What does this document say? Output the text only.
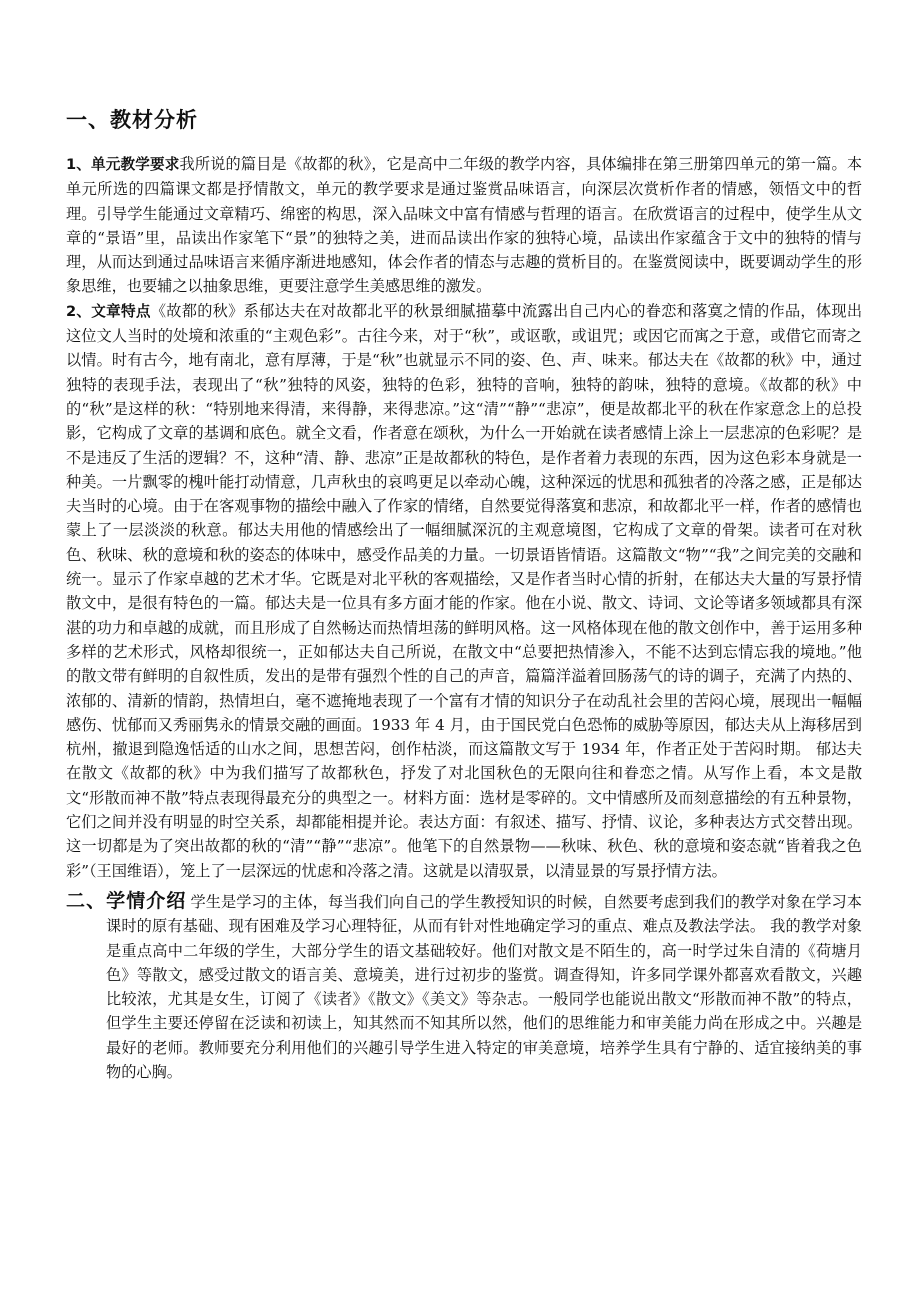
一、教材分析

1、单元教学要求我所说的篇目是《故都的秋》，它是高中二年级的教学内容，具体编排在第三册第四单元的第一篇。本单元所选的四篇课文都是抒情散文，单元的教学要求是通过鉴赏品味语言，向深层次赏析作者的情感，领悟文中的哲理。引导学生能通过文章精巧、绵密的构思，深入品味文中富有情感与哲理的语言。在欣赏语言的过程中，使学生从文章的“景语”里，品读出作家笔下“景”的独特之美，进而品读出作家的独特心境，品读出作家蕴含于文中的独特的情与理，从而达到通过品味语言来循序渐进地感知，体会作者的情态与志趣的赏析目的。在鉴赏阅读中，既要调动学生的形象思维，也要辅之以抽象思维，更要注意学生美感思维的激发。

2、文章特点《故都的秋》系郁达夫在对故都北平的秋景细腻描摹中流露出自己内心的眷恋和落寞之情的作品，体现出这位文人当时的处境和浓重的“主观色彩”。古往今来，对于“秋”，或讴歌，或诅咒；或因它而寓之于意，或借它而寄之以情。时有古今，地有南北，意有厚薄，于是“秋”也就显示不同的姿、色、声、味来。郁达夫在《故都的秋》中，通过独特的表现手法，表现出了“秋”独特的风姿，独特的色彩，独特的音响，独特的韵味，独特的意境。《故都的秋》中的“秋”是这样的秋：“特别地来得清，来得静，来得悲凉。”这“清”“静”“悲凉”，便是故都北平的秋在作家意念上的总投影，它构成了文章的基调和底色。就全文看，作者意在颂秋，为什么一开始就在读者感情上涂上一层悲凉的色彩呢？是不是违反了生活的逻辑？不，这种“清、静、悲凉”正是故都秋的特色，是作者着力表现的东西，因为这色彩本身就是一种美。一片飘零的槐叶能打动情意，几声秋虫的哀鸣更足以牵动心魄，这种深远的忧思和孤独者的冷落之感，正是郁达夫当时的心境。由于在客观事物的描绘中融入了作家的情绪，自然要觉得落寞和悲凉，和故都北平一样，作者的感情也蒙上了一层淡淡的秋意。郁达夫用他的情感绘出了一幅细腻深沉的主观意境图，它构成了文章的骨架。读者可在对秋色、秋味、秋的意境和秋的姿态的体味中，感受作品美的力量。一切景语皆情语。这篇散文“物”“我”之间完美的交融和统一。显示了作家卓越的艺术才华。它既是对北平秋的客观描绘，又是作者当时心情的折射，在郁达夫大量的写景抒情散文中，是很有特色的一篇。郁达夫是一位具有多方面才能的作家。他在小说、散文、诗词、文论等诸多领域都具有深湛的功力和卓越的成就，而且形成了自然畅达而热情坦荡的鲜明风格。这一风格体现在他的散文创作中，善于运用多种多样的艺术形式，风格却很统一，正如郁达夫自己所说，在散文中“总要把热情渗入，不能不达到忘情忘我的境地。”他的散文带有鲜明的自叙性质，发出的是带有强烈个性的自己的声音，篇篇洋溢着回肠荡气的诗的调子，充满了内热的、浓郁的、清新的情韵，热情坦白，毫不遮掩地表现了一个富有才情的知识分子在动乱社会里的苦闷心境，展现出一幅幅感伤、忧郁而又秀丽隽永的情景交融的画面。1933 年 4 月，由于国民党白色恐怖的威胁等原因，郁达夫从上海移居到杭州，撤退到隐逸恬适的山水之间，思想苦闷，创作枯淡，而这篇散文写于 1934 年，作者正处于苦闷时期。 郁达夫在散文《故都的秋》中为我们描写了故都秋色，抒发了对北国秋色的无限向往和眷恋之情。从写作上看，本文是散文“形散而神不散”特点表现得最充分的典型之一。材料方面：选材是零碎的。文中情感所及而刻意描绘的有五种景物，它们之间并没有明显的时空关系，却都能相提并论。表达方面：有叙述、描写、抒情、议论，多种表达方式交替出现。这一切都是为了突出故都的秋的“清”“静”“悲凉”。他笔下的自然景物——秋味、秋色、秋的意境和姿态就“皆着我之色彩”（王国维语），笼上了一层深远的忧虑和冷落之清。这就是以清驭景，以清显景的写景抒情方法。

二、学情介绍 学生是学习的主体，每当我们向自己的学生教授知识的时候，自然要考虑到我们的教学对象在学习本课时的原有基础、现有困难及学习心理特征，从而有针对性地确定学习的重点、难点及教法学法。 我的教学对象是重点高中二年级的学生，大部分学生的语文基础较好。他们对散文是不陌生的，高一时学过朱自清的《荷塘月色》等散文，感受过散文的语言美、意境美，进行过初步的鉴赏。调查得知，许多同学课外都喜欢看散文，兴趣比较浓，尤其是女生，订阅了《读者》《散文》《美文》等杂志。一般同学也能说出散文“形散而神不散”的特点，但学生主要还停留在泛读和初读上，知其然而不知其所以然，他们的思维能力和审美能力尚在形成之中。兴趣是最好的老师。教师要充分利用他们的兴趣引导学生进入特定的审美意境，培养学生具有宁静的、适宜接纳美的事物的心胸。
